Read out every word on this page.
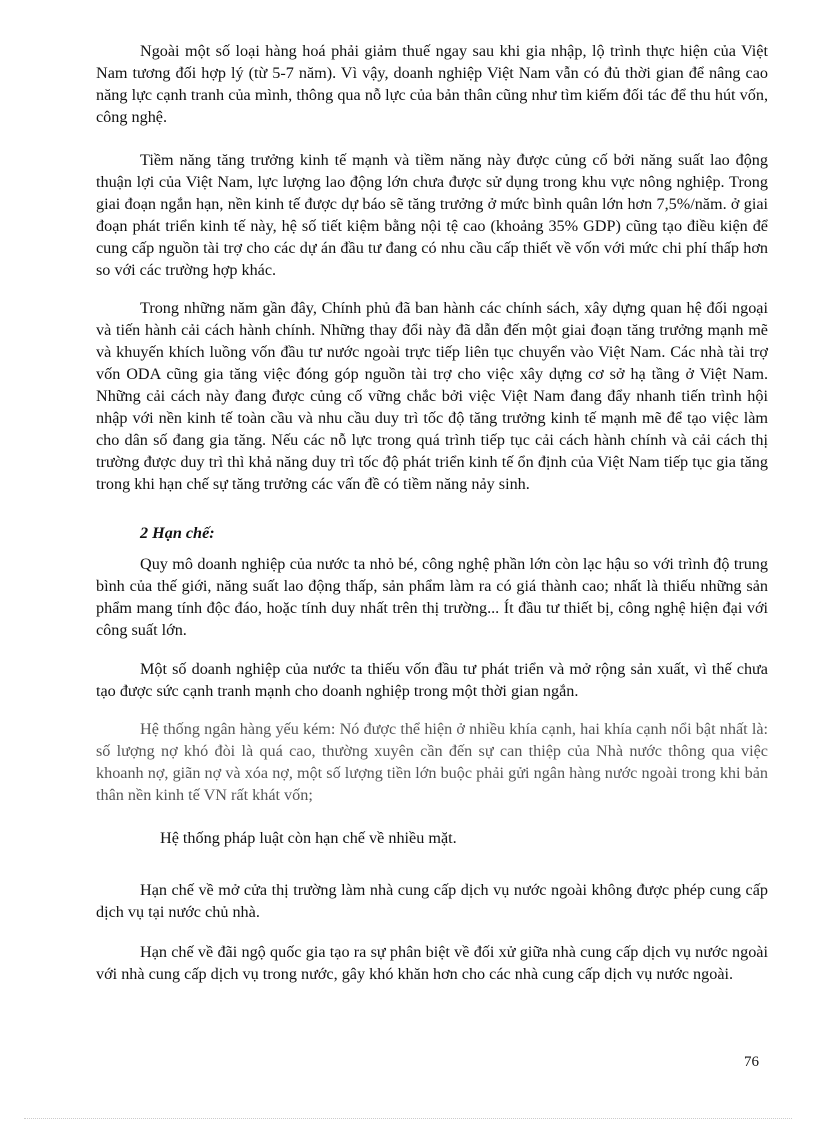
Ngoài một số loại hàng hoá phải giảm thuế ngay sau khi gia nhập, lộ trình thực hiện của Việt Nam tương đối hợp lý (từ 5-7 năm). Vì vậy, doanh nghiệp Việt Nam vẫn có đủ thời gian để nâng cao năng lực cạnh tranh của mình, thông qua nỗ lực của bản thân cũng như tìm kiếm đối tác để thu hút vốn, công nghệ.

Tiềm năng tăng trưởng kinh tế mạnh và tiềm năng này được củng cố bởi năng suất lao động thuận lợi của Việt Nam, lực lượng lao động lớn chưa được sử dụng trong khu vực nông nghiệp. Trong giai đoạn ngắn hạn, nền kinh tế được dự báo sẽ tăng trưởng ở mức bình quân lớn hơn 7,5%/năm. ở giai đoạn phát triển kinh tế này, hệ số tiết kiệm bằng nội tệ cao (khoảng 35% GDP) cũng tạo điều kiện để cung cấp nguồn tài trợ cho các dự án đầu tư đang có nhu cầu cấp thiết về vốn với mức chi phí thấp hơn so với các trường hợp khác.

Trong những năm gần đây, Chính phủ đã ban hành các chính sách, xây dựng quan hệ đối ngoại và tiến hành cải cách hành chính. Những thay đổi này đã dẫn đến một giai đoạn tăng trưởng mạnh mẽ và khuyến khích luồng vốn đầu tư nước ngoài trực tiếp liên tục chuyển vào Việt Nam. Các nhà tài trợ vốn ODA cũng gia tăng việc đóng góp nguồn tài trợ cho việc xây dựng cơ sở hạ tầng ở Việt Nam. Những cải cách này đang được củng cố vững chắc bởi việc Việt Nam đang đẩy nhanh tiến trình hội nhập với nền kinh tế toàn cầu và nhu cầu duy trì tốc độ tăng trưởng kinh tế mạnh mẽ để tạo việc làm cho dân số đang gia tăng. Nếu các nỗ lực trong quá trình tiếp tục cải cách hành chính và cải cách thị trường được duy trì thì khả năng duy trì tốc độ phát triển kinh tế ổn định của Việt Nam tiếp tục gia tăng trong khi hạn chế sự tăng trưởng các vấn đề có tiềm năng nảy sinh.

2 Hạn chế:

Quy mô doanh nghiệp của nước ta nhỏ bé, công nghệ phần lớn còn lạc hậu so với trình độ trung bình của thế giới, năng suất lao động thấp, sản phẩm làm ra có giá thành cao; nhất là thiếu những sản phẩm mang tính độc đáo, hoặc tính duy nhất trên thị trường... Ít đầu tư thiết bị, công nghệ hiện đại với công suất lớn.

Một số doanh nghiệp của nước ta thiếu vốn đầu tư phát triển và mở rộng sản xuất, vì thế chưa tạo được sức cạnh tranh mạnh cho doanh nghiệp trong một thời gian ngắn.

Hệ thống ngân hàng yếu kém: Nó được thể hiện ở nhiều khía cạnh, hai khía cạnh nổi bật nhất là: số lượng nợ khó đòi là quá cao, thường xuyên cần đến sự can thiệp của Nhà nước thông qua việc khoanh nợ, giãn nợ và xóa nợ, một số lượng tiền lớn buộc phải gửi ngân hàng nước ngoài trong khi bản thân nền kinh tế VN rất khát vốn;

Hệ thống pháp luật còn hạn chế về nhiều mặt.

Hạn chế về mở cửa thị trường làm nhà cung cấp dịch vụ nước ngoài không được phép cung cấp dịch vụ tại nước chủ nhà.

Hạn chế về đãi ngộ quốc gia tạo ra sự phân biệt về đối xử giữa nhà cung cấp dịch vụ nước ngoài với nhà cung cấp dịch vụ trong nước, gây khó khăn hơn cho các nhà cung cấp dịch vụ nước ngoài.

76
